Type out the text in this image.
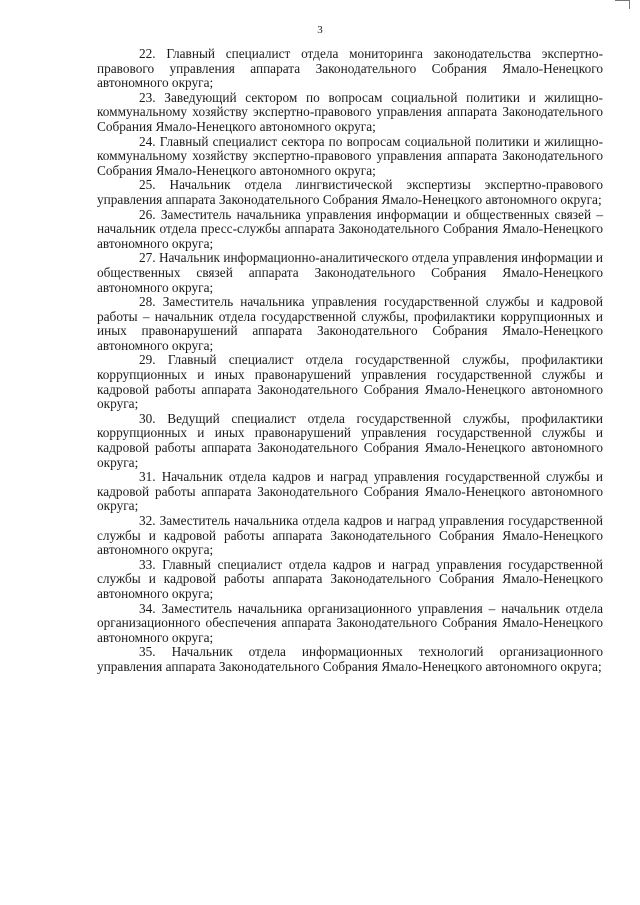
3

22. Главный специалист отдела мониторинга законодательства экспертно-правового управления аппарата Законодательного Собрания Ямало-Ненецкого автономного округа;

23. Заведующий сектором по вопросам социальной политики и жилищно-коммунальному хозяйству экспертно-правового управления аппарата Законодательного Собрания Ямало-Ненецкого автономного округа;

24. Главный специалист сектора по вопросам социальной политики и жилищно-коммунальному хозяйству экспертно-правового управления аппарата Законодательного Собрания Ямало-Ненецкого автономного округа;

25. Начальник отдела лингвистической экспертизы экспертно-правового управления аппарата Законодательного Собрания Ямало-Ненецкого автономного округа;

26. Заместитель начальника управления информации и общественных связей – начальник отдела пресс-службы аппарата Законодательного Собрания Ямало-Ненецкого автономного округа;

27. Начальник информационно-аналитического отдела управления информации и общественных связей аппарата Законодательного Собрания Ямало-Ненецкого автономного округа;

28. Заместитель начальника управления государственной службы и кадровой работы – начальник отдела государственной службы, профилактики коррупционных и иных правонарушений аппарата Законодательного Собрания Ямало-Ненецкого автономного округа;

29. Главный специалист отдела государственной службы, профилактики коррупционных и иных правонарушений управления государственной службы и кадровой работы аппарата Законодательного Собрания Ямало-Ненецкого автономного округа;

30. Ведущий специалист отдела государственной службы, профилактики коррупционных и иных правонарушений управления государственной службы и кадровой работы аппарата Законодательного Собрания Ямало-Ненецкого автономного округа;

31. Начальник отдела кадров и наград управления государственной службы и кадровой работы аппарата Законодательного Собрания Ямало-Ненецкого автономного округа;

32. Заместитель начальника отдела кадров и наград управления государственной службы и кадровой работы аппарата Законодательного Собрания Ямало-Ненецкого автономного округа;

33. Главный специалист отдела кадров и наград управления государственной службы и кадровой работы аппарата Законодательного Собрания Ямало-Ненецкого автономного округа;

34. Заместитель начальника организационного управления – начальник отдела организационного обеспечения аппарата Законодательного Собрания Ямало-Ненецкого автономного округа;

35. Начальник отдела информационных технологий организационного управления аппарата Законодательного Собрания Ямало-Ненецкого автономного округа;
